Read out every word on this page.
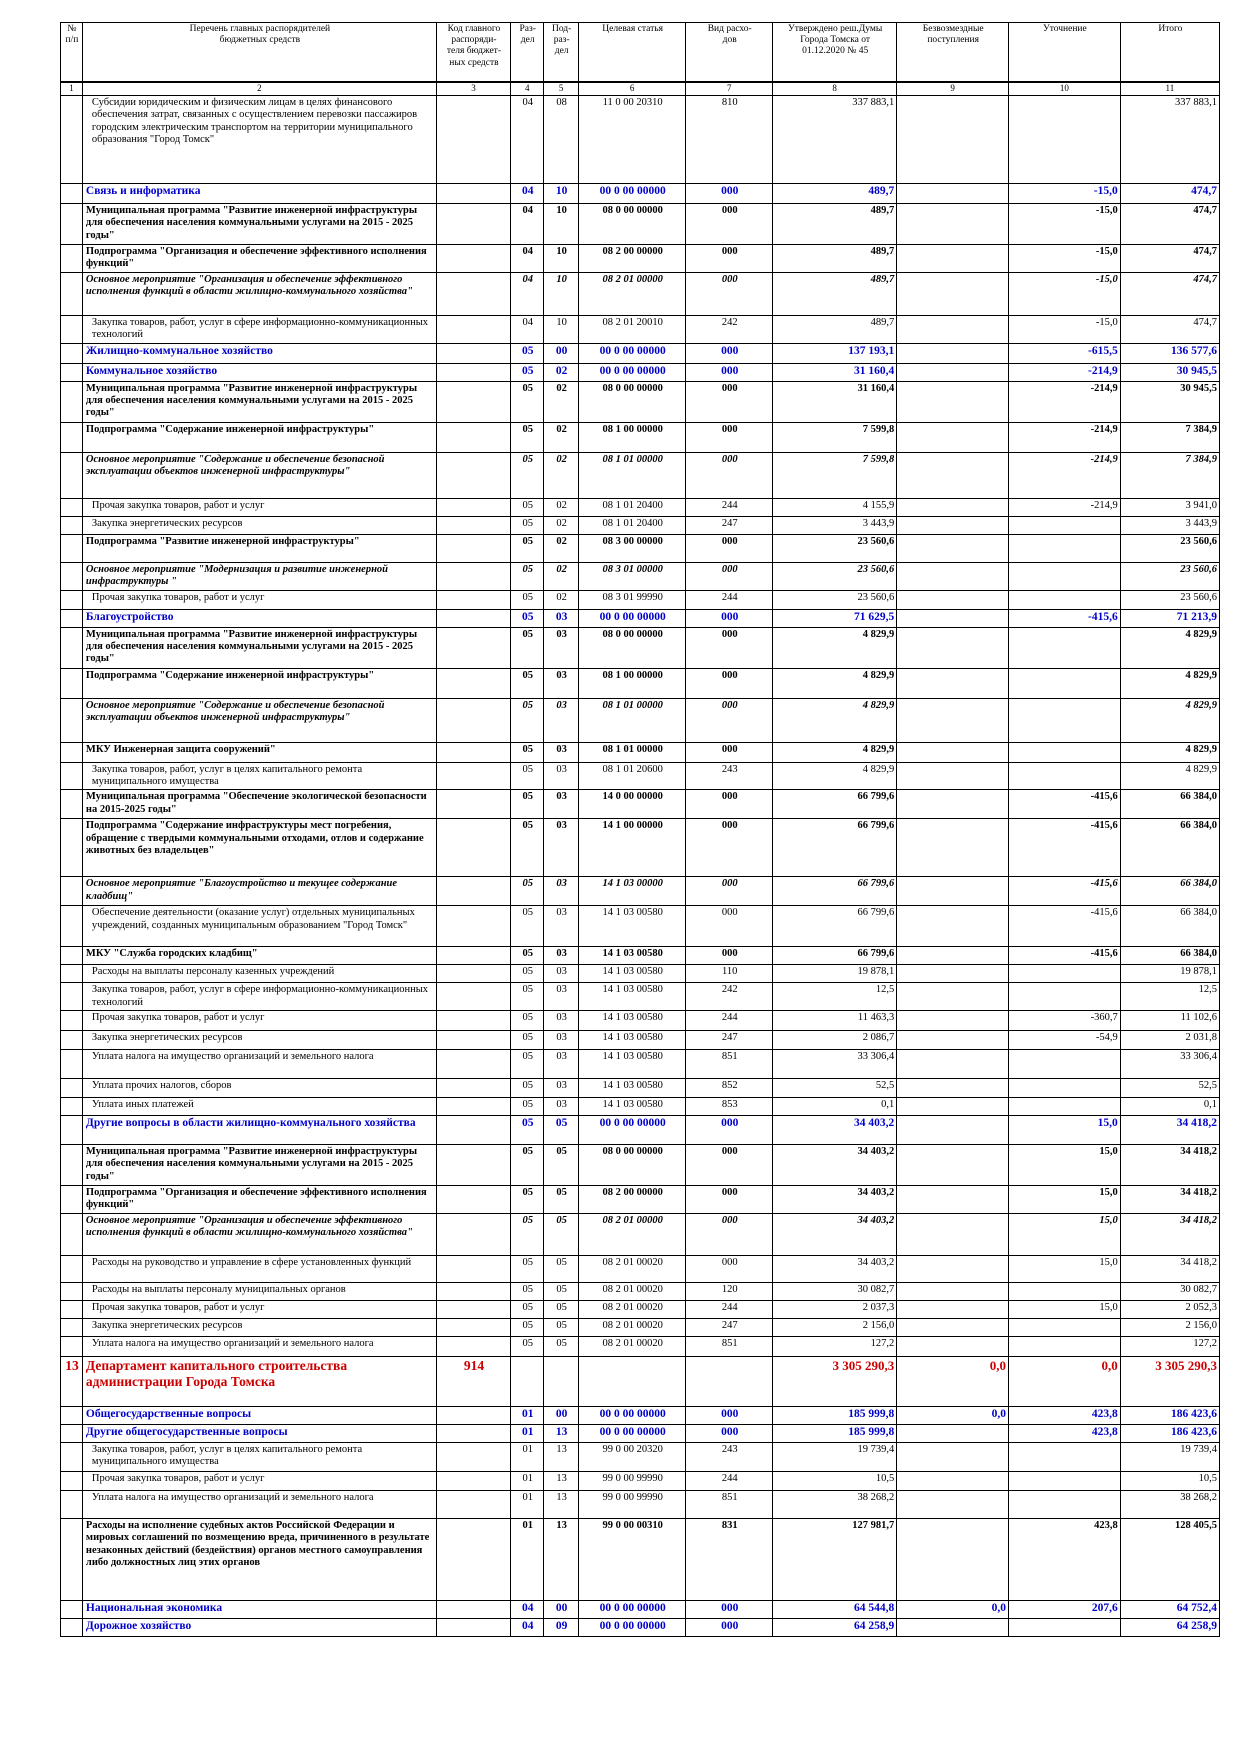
№
п/п	Перечень главных распорядителей
бюджетных средств	Код главного
распоряди-
теля бюджет-
ных средств	Раз-
дел	Под-
раз-
дел	Целевая статья	Вид расхо-
дов	Утверждено реш.Думы
Города Томска от
01.12.2020 № 45	Безвозмездные
поступления	Уточнение	Итого
1	2	3	4	5	6	7	8	9	10	11
	Субсидии юридическим и физическим лицам в целях финансового обеспечения затрат, связанных с осуществлением перевозки пассажиров городским электрическим транспортом на территории муниципального образования "Город Томск"		04	08	11 0 00 20310	810	337 883,1			337 883,1
	Связь и информатика		04	10	00 0 00 00000	000	489,7		-15,0	474,7
	Муниципальная программа "Развитие инженерной инфраструктуры для обеспечения населения коммунальными услугами на 2015 - 2025 годы"		04	10	08 0 00 00000	000	489,7		-15,0	474,7
	Подпрограмма "Организация и обеспечение эффективного исполнения функций"		04	10	08 2 00 00000	000	489,7		-15,0	474,7
	Основное мероприятие "Организация и обеспечение эффективного исполнения функций в области жилищно-коммунального хозяйства"		04	10	08 2 01 00000	000	489,7		-15,0	474,7
	Закупка товаров, работ, услуг в сфере информационно-коммуникационных технологий		04	10	08 2 01 20010	242	489,7		-15,0	474,7
	Жилищно-коммунальное хозяйство		05	00	00 0 00 00000	000	137 193,1		-615,5	136 577,6
	Коммунальное хозяйство		05	02	00 0 00 00000	000	31 160,4		-214,9	30 945,5
	Муниципальная программа "Развитие инженерной инфраструктуры для обеспечения населения коммунальными услугами на 2015 - 2025 годы"		05	02	08 0 00 00000	000	31 160,4		-214,9	30 945,5
	Подпрограмма "Содержание инженерной инфраструктуры"		05	02	08 1 00 00000	000	7 599,8		-214,9	7 384,9
	Основное мероприятие "Содержание и обеспечение безопасной эксплуатации объектов инженерной инфраструктуры"		05	02	08 1 01 00000	000	7 599,8		-214,9	7 384,9
	Прочая закупка товаров, работ и услуг		05	02	08 1 01 20400	244	4 155,9		-214,9	3 941,0
	Закупка энергетических ресурсов		05	02	08 1 01 20400	247	3 443,9			3 443,9
	Подпрограмма "Развитие инженерной инфраструктуры"		05	02	08 3 00 00000	000	23 560,6			23 560,6
	Основное мероприятие "Модернизация и развитие инженерной инфраструктуры "		05	02	08 3 01 00000	000	23 560,6			23 560,6
	Прочая закупка товаров, работ и услуг		05	02	08 3 01 99990	244	23 560,6			23 560,6
	Благоустройство		05	03	00 0 00 00000	000	71 629,5		-415,6	71 213,9
	Муниципальная программа "Развитие инженерной инфраструктуры для обеспечения населения коммунальными услугами на 2015 - 2025 годы"		05	03	08 0 00 00000	000	4 829,9			4 829,9
	Подпрограмма "Содержание инженерной инфраструктуры"		05	03	08 1 00 00000	000	4 829,9			4 829,9
	Основное мероприятие "Содержание и обеспечение безопасной эксплуатации объектов инженерной инфраструктуры"		05	03	08 1 01 00000	000	4 829,9			4 829,9
	МКУ Инженерная защита сооружений"		05	03	08 1 01 00000	000	4 829,9			4 829,9
	Закупка товаров, работ, услуг в целях капитального ремонта муниципального имущества		05	03	08 1 01 20600	243	4 829,9			4 829,9
	Муниципальная программа "Обеспечение экологической безопасности на 2015-2025 годы"		05	03	14 0 00 00000	000	66 799,6		-415,6	66 384,0
	Подпрограмма "Содержание инфраструктуры мест погребения, обращение с твердыми коммунальными отходами, отлов и содержание животных без владельцев"		05	03	14 1 00 00000	000	66 799,6		-415,6	66 384,0
	Основное мероприятие "Благоустройство и текущее содержание кладбищ"		05	03	14 1 03 00000	000	66 799,6		-415,6	66 384,0
	Обеспечение деятельности (оказание услуг) отдельных муниципальных учреждений, созданных муниципальным образованием "Город Томск"		05	03	14 1 03 00580	000	66 799,6		-415,6	66 384,0
	МКУ "Служба городских кладбищ"		05	03	14 1 03 00580	000	66 799,6		-415,6	66 384,0
	Расходы на выплаты персоналу казенных учреждений		05	03	14 1 03 00580	110	19 878,1			19 878,1
	Закупка товаров, работ, услуг в сфере информационно-коммуникационных технологий		05	03	14 1 03 00580	242	12,5			12,5
	Прочая закупка товаров, работ и услуг		05	03	14 1 03 00580	244	11 463,3		-360,7	11 102,6
	Закупка энергетических ресурсов		05	03	14 1 03 00580	247	2 086,7		-54,9	2 031,8
	Уплата налога на имущество организаций и земельного налога		05	03	14 1 03 00580	851	33 306,4			33 306,4
	Уплата прочих налогов, сборов		05	03	14 1 03 00580	852	52,5			52,5
	Уплата иных платежей		05	03	14 1 03 00580	853	0,1			0,1
	Другие вопросы в области жилищно-коммунального хозяйства		05	05	00 0 00 00000	000	34 403,2		15,0	34 418,2
	Муниципальная программа "Развитие инженерной инфраструктуры для обеспечения населения коммунальными услугами на 2015 - 2025 годы"		05	05	08 0 00 00000	000	34 403,2		15,0	34 418,2
	Подпрограмма "Организация и обеспечение эффективного исполнения функций"		05	05	08 2 00 00000	000	34 403,2		15,0	34 418,2
	Основное мероприятие "Организация и обеспечение эффективного исполнения функций в области жилищно-коммунального хозяйства"		05	05	08 2 01 00000	000	34 403,2		15,0	34 418,2
	Расходы на руководство и управление в сфере установленных функций		05	05	08 2 01 00020	000	34 403,2		15,0	34 418,2
	Расходы на выплаты персоналу муниципальных органов		05	05	08 2 01 00020	120	30 082,7			30 082,7
	Прочая закупка товаров, работ и услуг		05	05	08 2 01 00020	244	2 037,3		15,0	2 052,3
	Закупка энергетических ресурсов		05	05	08 2 01 00020	247	2 156,0			2 156,0
	Уплата налога на имущество организаций и земельного налога		05	05	08 2 01 00020	851	127,2			127,2
13	Департамент капитального строительства администрации Города Томска	914					3 305 290,3	0,0	0,0	3 305 290,3
	Общегосударственные вопросы		01	00	00 0 00 00000	000	185 999,8	0,0	423,8	186 423,6
	Другие общегосударственные вопросы		01	13	00 0 00 00000	000	185 999,8		423,8	186 423,6
	Закупка товаров, работ, услуг в целях капитального ремонта муниципального имущества		01	13	99 0 00 20320	243	19 739,4			19 739,4
	Прочая закупка товаров, работ и услуг		01	13	99 0 00 99990	244	10,5			10,5
	Уплата налога на имущество организаций и земельного налога		01	13	99 0 00 99990	851	38 268,2			38 268,2
	Расходы на исполнение судебных актов Российской Федерации и мировых соглашений по возмещению вреда, причиненного в результате незаконных действий (бездействия) органов местного самоуправления либо должностных лиц этих органов		01	13	99 0 00 00310	831	127 981,7		423,8	128 405,5
	Национальная экономика		04	00	00 0 00 00000	000	64 544,8	0,0	207,6	64 752,4
	Дорожное хозяйство		04	09	00 0 00 00000	000	64 258,9			64 258,9
